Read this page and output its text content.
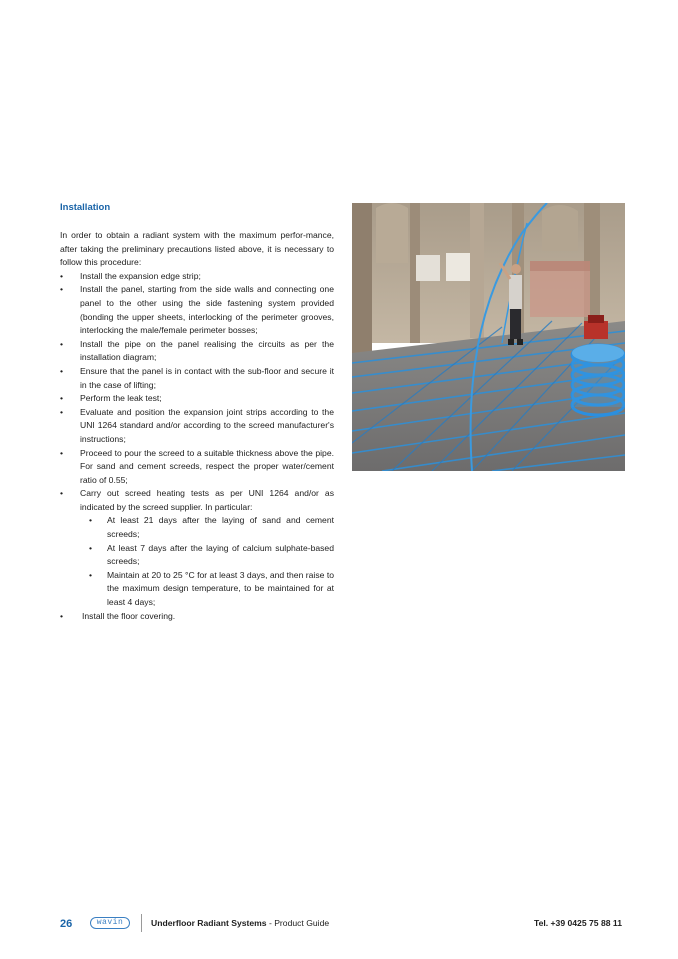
Installation

In order to obtain a radiant system with the maximum perfor-mance, after taking the preliminary precautions listed above, it is necessary to follow this procedure:

• Install the expansion edge strip;
• Install the panel, starting from the side walls and connecting one panel to the other using the side fastening system provided (bonding the upper sheets, interlocking of the perimeter grooves, interlocking the male/female perimeter bosses;
• Install the pipe on the panel realising the circuits as per the installation diagram;
• Ensure that the panel is in contact with the sub-floor and secure it in the case of lifting;
• Perform the leak test;
• Evaluate and position the expansion joint strips according to the UNI 1264 standard and/or according to the screed manufacturer's instructions;
• Proceed to pour the screed to a suitable thickness above the pipe. For sand and cement screeds, respect the proper water/cement ratio of 0.55;
• Carry out screed heating tests as per UNI 1264 and/or as indicated by the screed supplier. In particular:
• At least 21 days after the laying of sand and cement screeds;
• At least 7 days after the laying of calcium sulphate-based screeds;
• Maintain at 20 to 25 °C for at least 3 days, and then raise to the maximum design temperature, to be maintained for at least 4 days;
• Install the floor covering.
26	wavin	Underfloor Radiant Systems - Product Guide	Tel. +39 0425 75 88 11
